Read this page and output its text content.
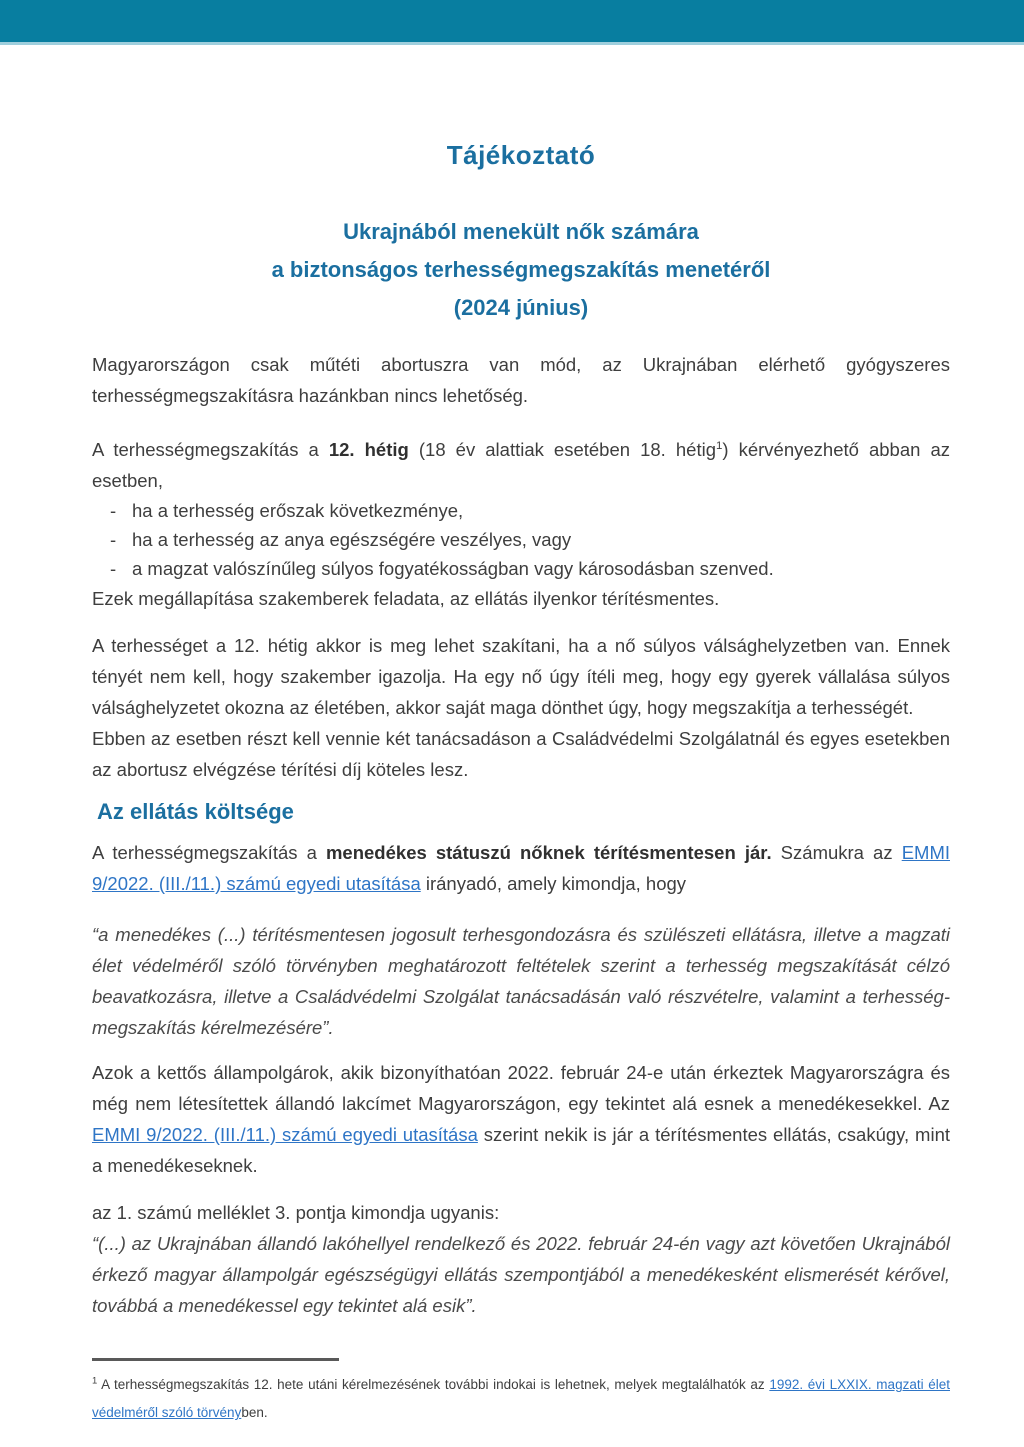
Tájékoztató
Ukrajnából menekült nők számára
a biztonságos terhességmegszakítás menetéről
(2024 június)

Magyarországon csak műtéti abortuszra van mód, az Ukrajnában elérhető gyógyszeres terhességmegszakításra hazánkban nincs lehetőség.

A terhességmegszakítás a 12. hétig (18 év alattiak esetében 18. hétig$^1$) kérvényezhető abban az esetben,

- ha a terhesség erőszak következménye,
- ha a terhesség az anya egészségére veszélyes, vagy
- a magzat valószínűleg súlyos fogyatékosságban vagy károsodásban szenved.

Ezek megállapítása szakemberek feladata, az ellátás ilyenkor térítésmentes.

A terhességet a 12. hétig akkor is meg lehet szakítani, ha a nő súlyos válsághelyzetben van. Ennek tényét nem kell, hogy szakember igazolja. Ha egy nő úgy ítéli meg, hogy egy gyerek vállalása súlyos válsághelyzetet okozna az életében, akkor saját maga dönthet úgy, hogy megszakítja a terhességét.

Ebben az esetben részt kell vennie két tanácsadáson a Családvédelmi Szolgálatnál és egyes esetekben az abortusz elvégzése térítési díj köteles lesz.

Az ellátás költsége

A terhességmegszakítás a menedékes státuszú nőknek térítésmentesen jár. Számukra az EMMI 9/2022. (III./11.) számú egyedi utasítása irányadó, amely kimondja, hogy

“a menedékes (...) térítésmentesen jogosult terhesgondozásra és szülészeti ellátásra, illetve a magzati élet védelméről szóló törvényben meghatározott feltételek szerint a terhesség megszakítását célzó beavatkozásra, illetve a Családvédelmi Szolgálat tanácsadásán való részvételre, valamint a terhesség-megszakítás kérelmezésére”.

Azok a kettős állampolgárok, akik bizonyíthatóan 2022. február 24-e után érkeztek Magyarországra és még nem létesítettek állandó lakcímet Magyarországon, egy tekintet alá esnek a menedékesekkel. Az EMMI 9/2022. (III./11.) számú egyedi utasítása szerint nekik is jár a térítésmentes ellátás, csakúgy, mint a menedékeseknek.

az 1. számú melléklet 3. pontja kimondja ugyanis:

“(...) az Ukrajnában állandó lakóhellyel rendelkező és 2022. február 24-én vagy azt követően Ukrajnából érkező magyar állampolgár egészségügyi ellátás szempontjából a menedékesként elismerését kérővel, továbbá a menedékessel egy tekintet alá esik”.

$^1$ A terhességmegszakítás 12. hete utáni kérelmezésének további indokai is lehetnek, melyek megtalálhatók az 1992. évi LXXIX. magzati élet védelméről szóló törvényben.
